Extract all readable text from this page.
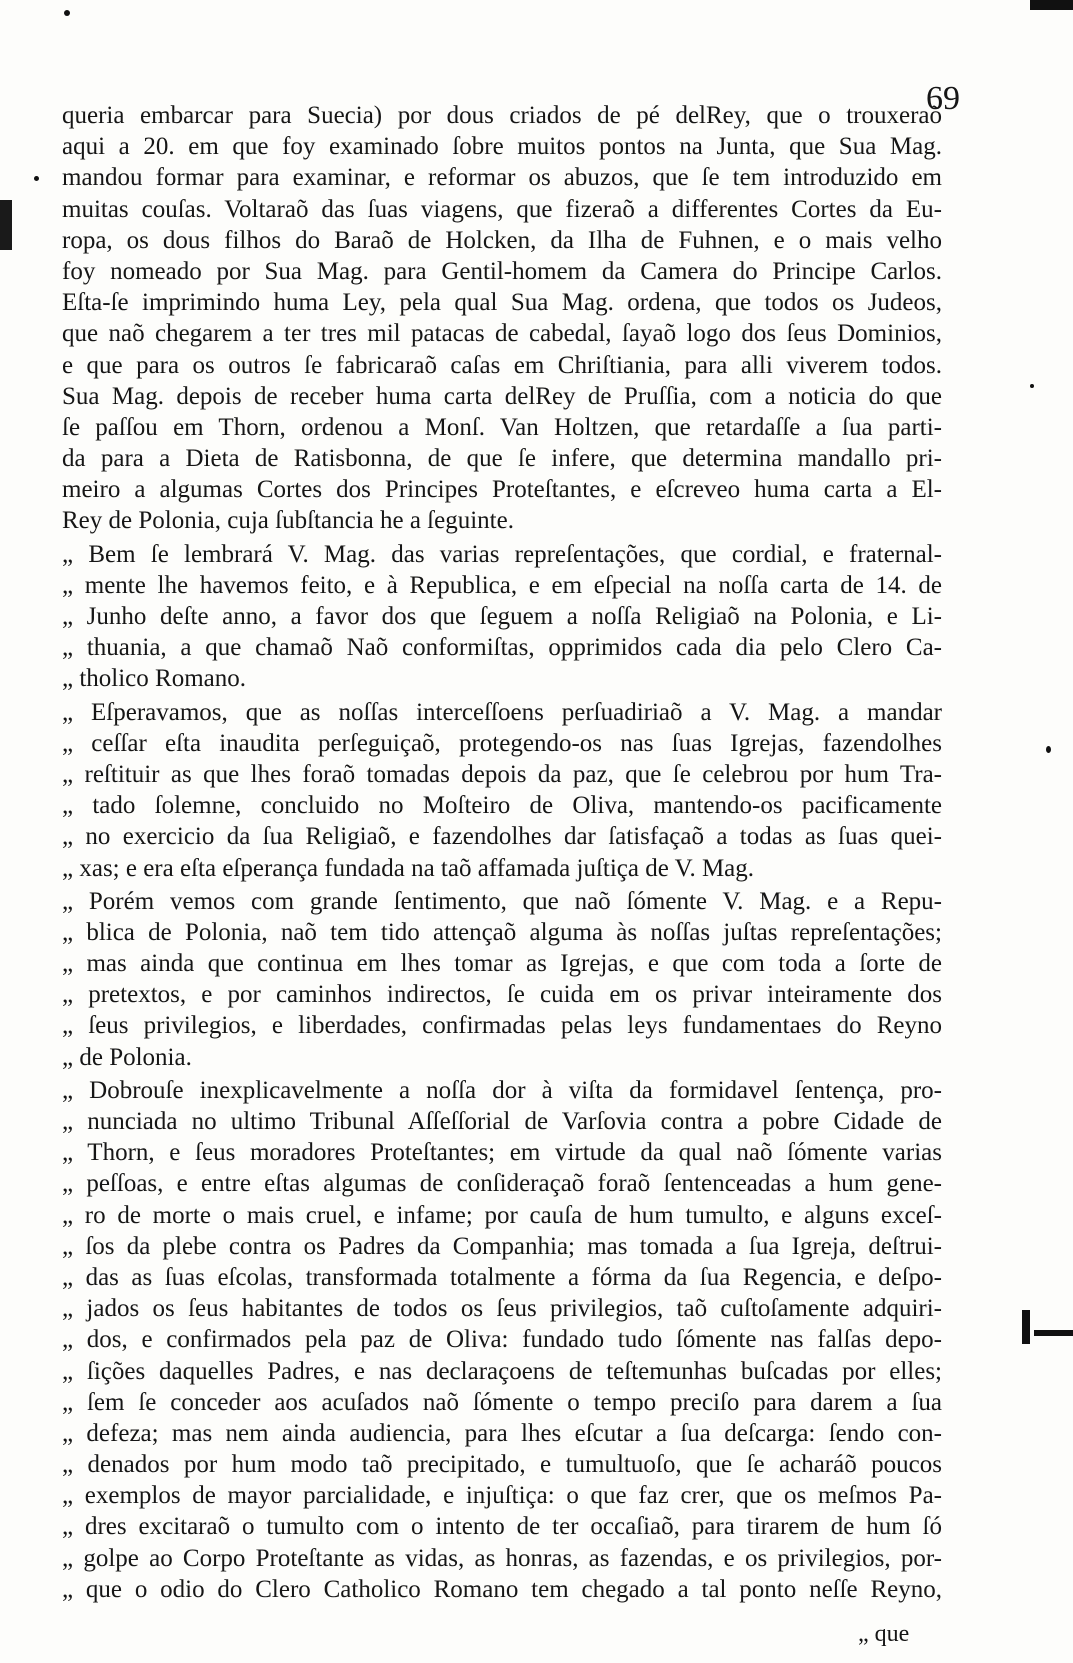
69
queria embarcar para Suecia) por dous criados de pé delRey, que o trouxeraõ
aqui a 20. em que foy examinado ſobre muitos pontos na Junta, que Sua Mag.
mandou formar para examinar, e reformar os abuzos, que ſe tem introduzido em
muitas couſas. Voltaraõ das ſuas viagens, que fizeraõ a differentes Cortes da Eu-
ropa, os dous filhos do Baraõ de Holcken, da Ilha de Fuhnen, e o mais velho
foy nomeado por Sua Mag. para Gentil-homem da Camera do Principe Carlos.
Eſta-ſe imprimindo huma Ley, pela qual Sua Mag. ordena, que todos os Judeos,
que naõ chegarem a ter tres mil patacas de cabedal, ſayaõ logo dos ſeus Dominios,
e que para os outros ſe fabricaraõ caſas em Chriſtiania, para alli viverem todos.
Sua Mag. depois de receber huma carta delRey de Pruſſia, com a noticia do que
ſe paſſou em Thorn, ordenou a Monſ. Van Holtzen, que retardaſſe a ſua parti-
da para a Dieta de Ratisbonna, de que ſe infere, que determina mandallo pri-
meiro a algumas Cortes dos Principes Proteſtantes, e eſcreveo huma carta a El-
Rey de Polonia, cuja ſubſtancia he a ſeguinte.
„ Bem ſe lembrará V. Mag. das varias repreſentações, que cordial, e fraternal-
„ mente lhe havemos feito, e à Republica, e em eſpecial na noſſa carta de 14. de
„ Junho deſte anno, a favor dos que ſeguem a noſſa Religiaõ na Polonia, e Li-
„ thuania, a que chamaõ Naõ conformiſtas, opprimidos cada dia pelo Clero Ca-
„ tholico Romano.
„ Eſperavamos, que as noſſas interceſſoens perſuadiriaõ a V. Mag. a mandar
„ ceſſar eſta inaudita perſeguiçaõ, protegendo-os nas ſuas Igrejas, fazendolhes
„ reſtituir as que lhes foraõ tomadas depois da paz, que ſe celebrou por hum Tra-
„ tado ſolemne, concluido no Moſteiro de Oliva, mantendo-os pacificamente
„ no exercicio da ſua Religiaõ, e fazendolhes dar ſatisfaçaõ a todas as ſuas quei-
„ xas; e era eſta eſperança fundada na taõ affamada juſtiça de V. Mag.
„ Porém vemos com grande ſentimento, que naõ ſómente V. Mag. e a Repu-
„ blica de Polonia, naõ tem tido attençaõ alguma às noſſas juſtas repreſentações;
„ mas ainda que continua em lhes tomar as Igrejas, e que com toda a ſorte de
„ pretextos, e por caminhos indirectos, ſe cuida em os privar inteiramente dos
„ ſeus privilegios, e liberdades, confirmadas pelas leys fundamentaes do Reyno
„ de Polonia.
„ Dobrouſe inexplicavelmente a noſſa dor à viſta da formidavel ſentença, pro-
„ nunciada no ultimo Tribunal Aſſeſſorial de Varſovia contra a pobre Cidade de
„ Thorn, e ſeus moradores Proteſtantes; em virtude da qual naõ ſómente varias
„ peſſoas, e entre eſtas algumas de conſideraçaõ foraõ ſentenceadas a hum gene-
„ ro de morte o mais cruel, e infame; por cauſa de hum tumulto, e alguns exceſ-
„ ſos da plebe contra os Padres da Companhia; mas tomada a ſua Igreja, deſtrui-
„ das as ſuas eſcolas, transformada totalmente a fórma da ſua Regencia, e deſpo-
„ jados os ſeus habitantes de todos os ſeus privilegios, taõ cuſtoſamente adquiri-
„ dos, e confirmados pela paz de Oliva: fundado tudo ſómente nas falſas depo-
„ ſições daquelles Padres, e nas declaraçoens de teſtemunhas buſcadas por elles;
„ ſem ſe conceder aos acuſados naõ ſómente o tempo preciſo para darem a ſua
„ defeza; mas nem ainda audiencia, para lhes eſcutar a ſua deſcarga: ſendo con-
„ denados por hum modo taõ precipitado, e tumultuoſo, que ſe acharáõ poucos
„ exemplos de mayor parcialidade, e injuſtiça: o que faz crer, que os meſmos Pa-
„ dres excitaraõ o tumulto com o intento de ter occaſiaõ, para tirarem de hum ſó
„ golpe ao Corpo Proteſtante as vidas, as honras, as fazendas, e os privilegios, por-
„ que o odio do Clero Catholico Romano tem chegado a tal ponto neſſe Reyno,
„ que
